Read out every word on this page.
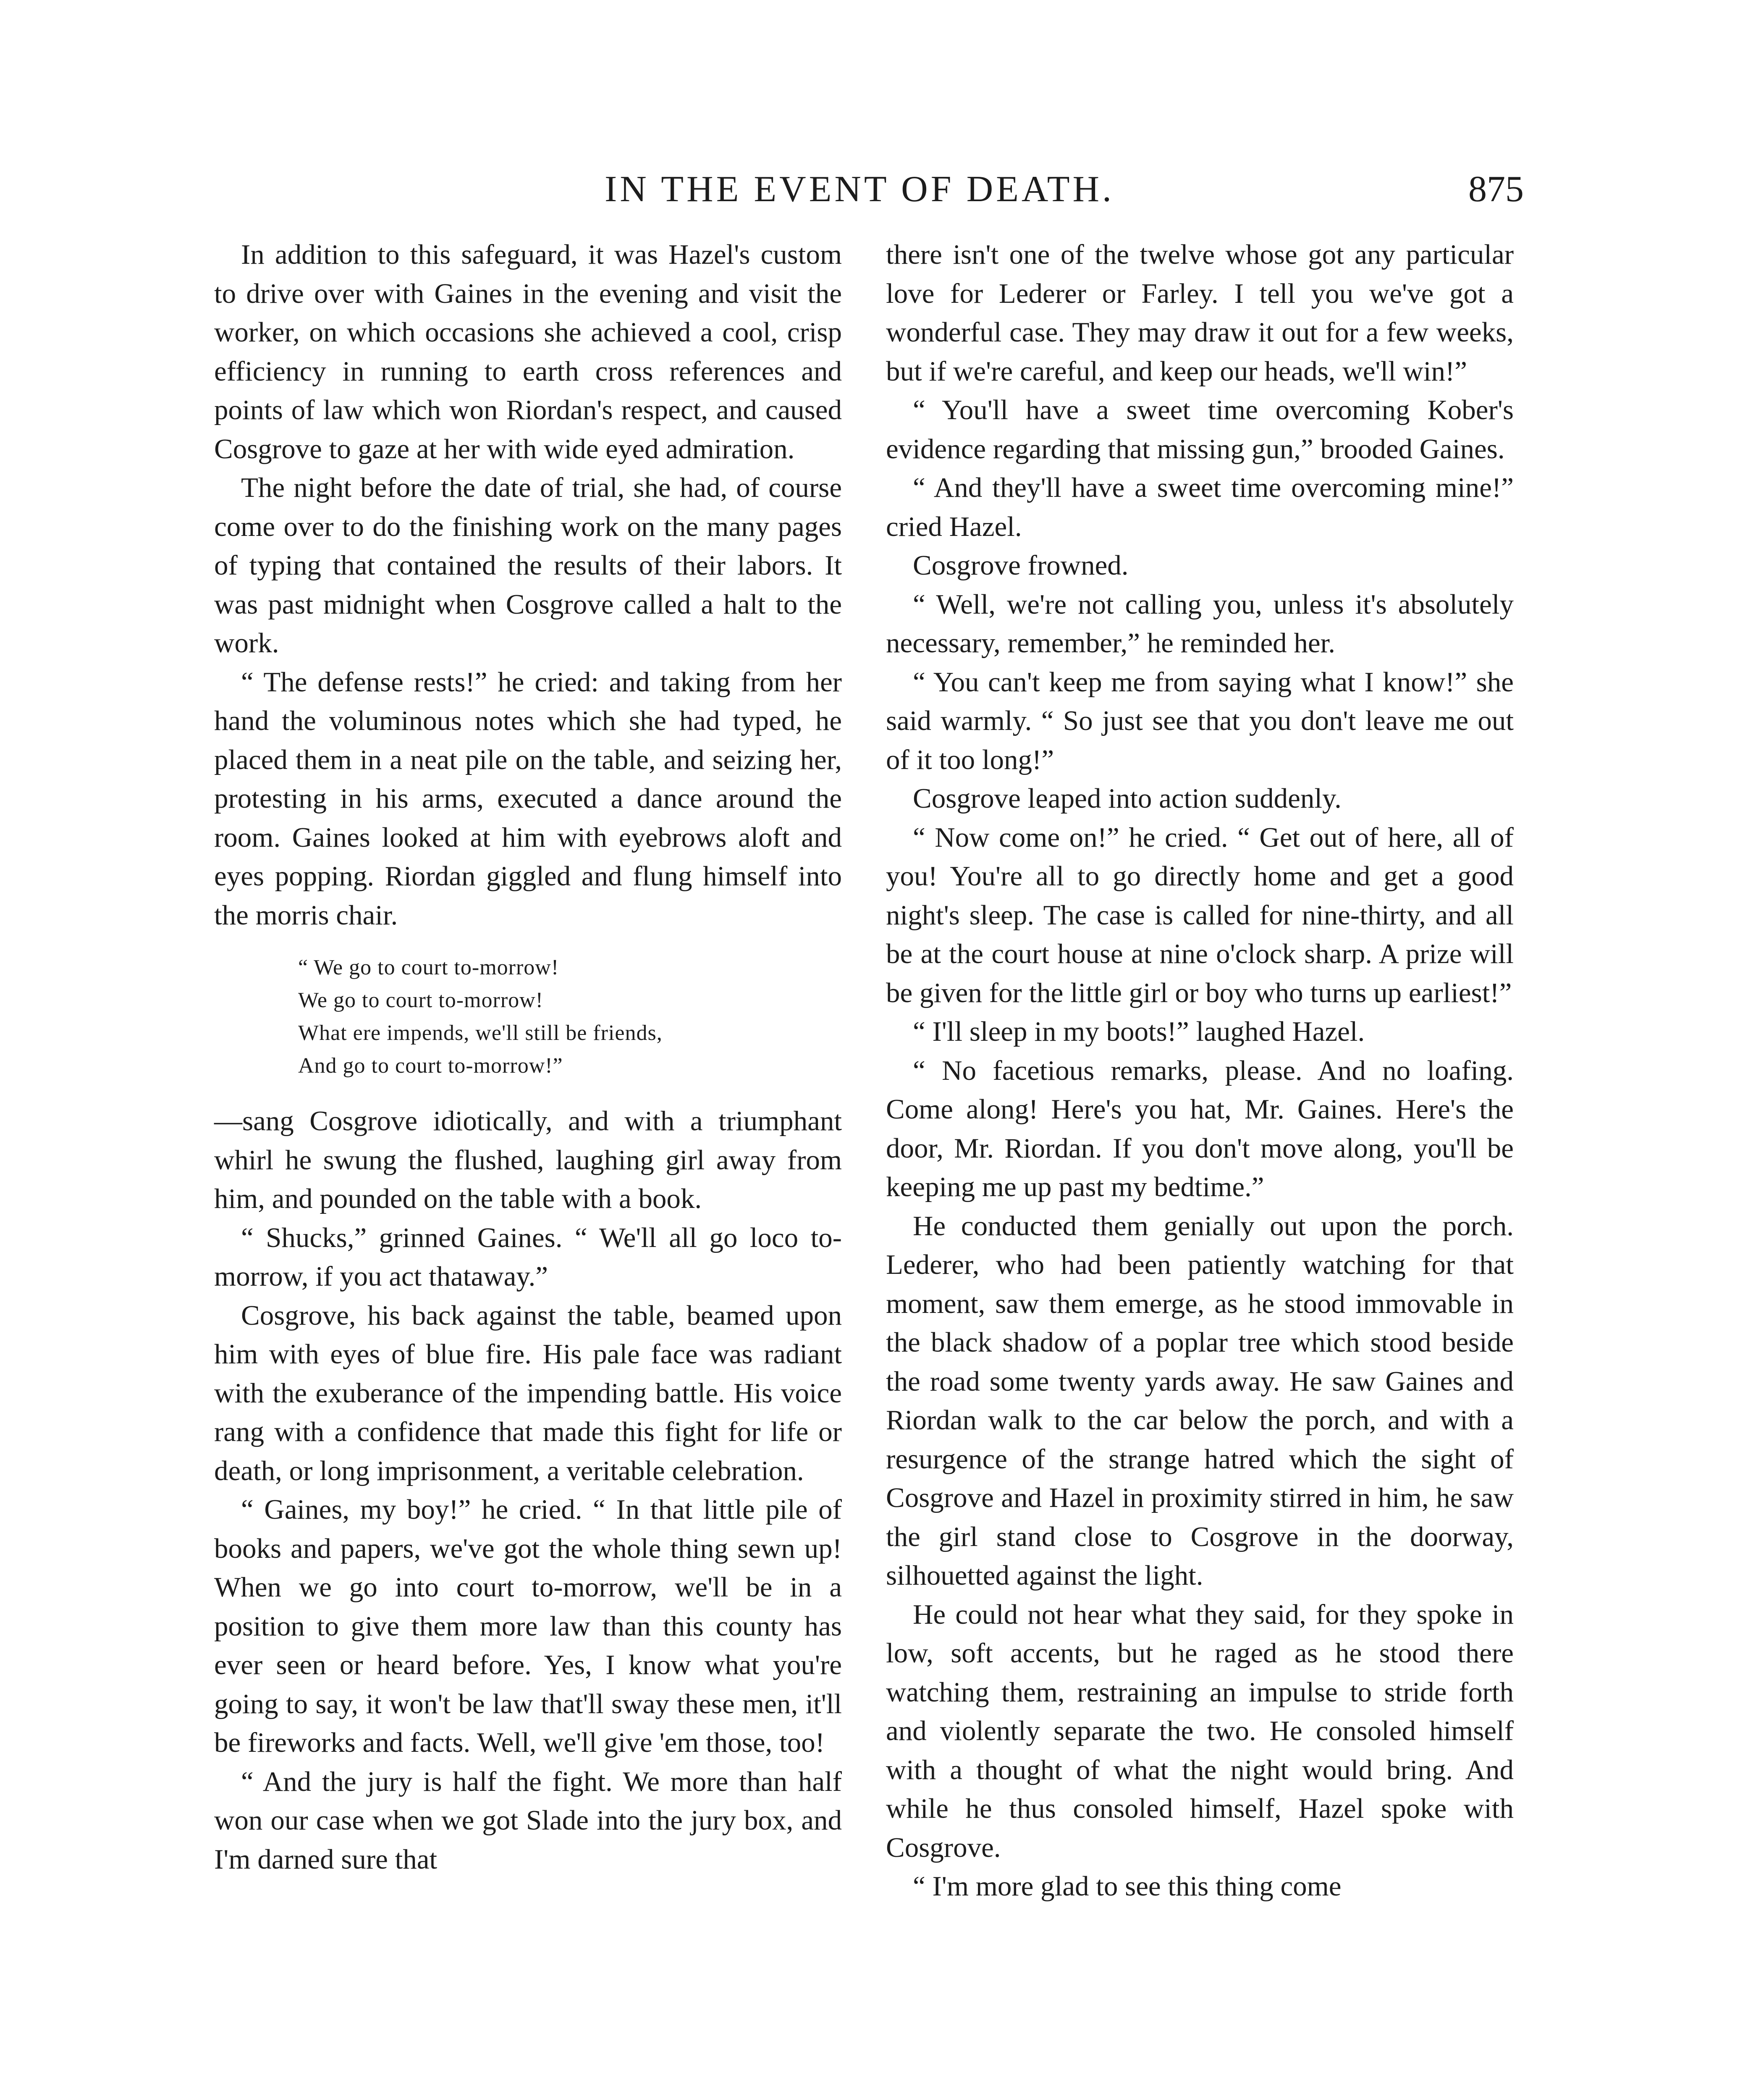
IN THE EVENT OF DEATH.	875

In addition to this safeguard, it was Hazel's custom to drive over with Gaines in the evening and visit the worker, on which occasions she achieved a cool, crisp efficiency in running to earth cross references and points of law which won Riordan's respect, and caused Cosgrove to gaze at her with wide eyed admiration.

The night before the date of trial, she had, of course come over to do the finishing work on the many pages of typing that contained the results of their labors. It was past midnight when Cosgrove called a halt to the work.

“ The defense rests!” he cried: and taking from her hand the voluminous notes which she had typed, he placed them in a neat pile on the table, and seizing her, protesting in his arms, executed a dance around the room. Gaines looked at him with eyebrows aloft and eyes popping. Riordan giggled and flung himself into the morris chair.

“ We go to court to-morrow!
We go to court to-morrow!
What ere impends, we'll still be friends,
And go to court to-morrow!”

—sang Cosgrove idiotically, and with a triumphant whirl he swung the flushed, laughing girl away from him, and pounded on the table with a book.

“ Shucks,” grinned Gaines. “ We'll all go loco to-morrow, if you act thataway.”

Cosgrove, his back against the table, beamed upon him with eyes of blue fire. His pale face was radiant with the exuberance of the impending battle. His voice rang with a confidence that made this fight for life or death, or long imprisonment, a veritable celebration.

“ Gaines, my boy!” he cried. “ In that little pile of books and papers, we've got the whole thing sewn up! When we go into court to-morrow, we'll be in a position to give them more law than this county has ever seen or heard before. Yes, I know what you're going to say, it won't be law that'll sway these men, it'll be fireworks and facts. Well, we'll give 'em those, too!

“ And the jury is half the fight. We more than half won our case when we got Slade into the jury box, and I'm darned sure that

there isn't one of the twelve whose got any particular love for Lederer or Farley. I tell you we've got a wonderful case. They may draw it out for a few weeks, but if we're careful, and keep our heads, we'll win!”

“ You'll have a sweet time overcoming Kober's evidence regarding that missing gun,” brooded Gaines.

“ And they'll have a sweet time overcoming mine!” cried Hazel.

Cosgrove frowned.

“ Well, we're not calling you, unless it's absolutely necessary, remember,” he reminded her.

“ You can't keep me from saying what I know!” she said warmly. “ So just see that you don't leave me out of it too long!”

Cosgrove leaped into action suddenly.

“ Now come on!” he cried. “ Get out of here, all of you! You're all to go directly home and get a good night's sleep. The case is called for nine-thirty, and all be at the court house at nine o'clock sharp. A prize will be given for the little girl or boy who turns up earliest!”

“ I'll sleep in my boots!” laughed Hazel.

“ No facetious remarks, please. And no loafing. Come along! Here's you hat, Mr. Gaines. Here's the door, Mr. Riordan. If you don't move along, you'll be keeping me up past my bedtime.”

He conducted them genially out upon the porch. Lederer, who had been patiently watching for that moment, saw them emerge, as he stood immovable in the black shadow of a poplar tree which stood beside the road some twenty yards away. He saw Gaines and Riordan walk to the car below the porch, and with a resurgence of the strange hatred which the sight of Cosgrove and Hazel in proximity stirred in him, he saw the girl stand close to Cosgrove in the doorway, silhouetted against the light.

He could not hear what they said, for they spoke in low, soft accents, but he raged as he stood there watching them, restraining an impulse to stride forth and violently separate the two. He consoled himself with a thought of what the night would bring. And while he thus consoled himself, Hazel spoke with Cosgrove.

“ I'm more glad to see this thing come
